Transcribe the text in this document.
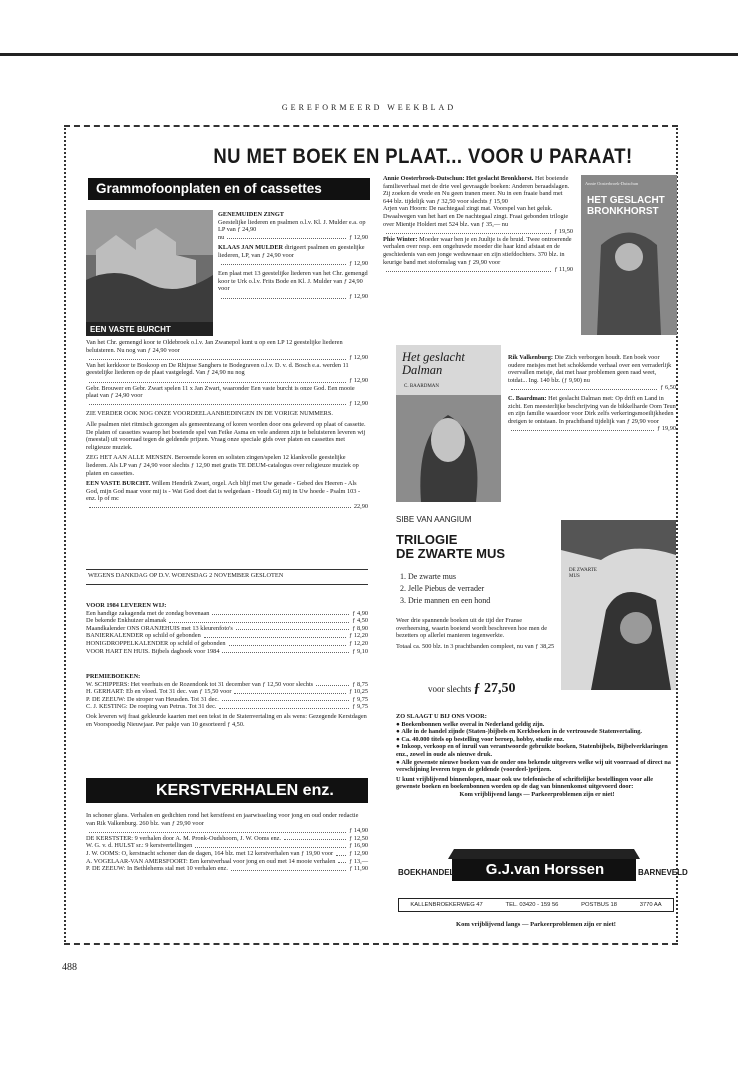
GEREFORMEERD WEEKBLAD
NU MET BOEK EN PLAAT... VOOR U PARAAT!
Grammofoonplaten en of cassettes
EEN VASTE BURCHT

GENEMUIDEN ZINGT
Geestelijke liederen en psalmen o.l.v. Kl. J. Mulder e.a. op LP van ƒ 24,90
nu	ƒ 12,90

KLAAS JAN MULDER dirigeert psalmen en geestelijke liederen, LP, van ƒ 24,90 voor
ƒ 12,90

Een plaat met 13 geestelijke liederen van het Chr. gemengd koor te Urk o.l.v. Frits Bode en Kl. J. Mulder van ƒ 24,90 voor
ƒ 12,90

Van het Chr. gemengd koor te Oldebroek o.l.v. Jan Zwanepol kunt u op een LP 12 geestelijke liederen beluisteren. Nu nog van ƒ 24,90 voor
ƒ 12,90
Van het kerkkoor te Boskoop en De Rhijnse Sanghers te Bodegraven o.l.v. D. v. d. Bosch e.a. werden 11 geestelijke liederen op de plaat vastgelegd. Van ƒ 24,90 nu nog
ƒ 12,90
Gebr. Brouwer en Gebr. Zwart spelen 11 x Jan Zwart, waaronder Een vaste burcht is onze God. Een mooie plaat van ƒ 24,90 voor
ƒ 12,90

ZIE VERDER OOK NOG ONZE VOORDEELAANBIEDINGEN IN DE VORIGE NUMMERS.

Alle psalmen niet ritmisch gezongen als gemeentezang of koren worden door ons geleverd op plaat of cassette. De platen of cassettes waarop het boeiende spel van Feike Asma en vele anderen zijn te beluisteren leveren wij (meestal) uit voorraad tegen de geldende prijzen. Vraag onze speciale gids over platen en cassettes met religieuze muziek.

ZEG HET AAN ALLE MENSEN. Beroemde koren en solisten zingen/spelen 12 klankvolle geestelijke liederen. Als LP van ƒ 24,90 voor slechts ƒ 12,90 met gratis TE DEUM-catalogus over religieuze muziek op platen en cassettes.

EEN VASTE BURCHT. Willem Hendrik Zwart, orgel. Ach blijf met Uw genade - Gebed des Heeren - Als God, mijn God maar voor mij is - Wat God doet dat is welgedaan - Houdt Gij mij in Uw hoede - Psalm 103 - enz. lp of mc
22,90

WEGENS DANKDAG OP D.V. WOENSDAG 2 NOVEMBER GESLOTEN

VOOR 1984 LEVEREN WIJ:

Een handige zakagenda met de zondag bovenaan	ƒ 4,90
De bekende Enkhuizer almanak	ƒ 4,50
Maandkalender ONS ORANJEHUIS met 13 kleurenfoto's	ƒ 8,90
BANIERKALENDER op schild of gebonden	ƒ 12,20
HONIGDROPPELKALENDER op schild of gebonden	ƒ 12,20
VOOR HART EN HUIS. Bijbels dagboek voor 1984	ƒ 9,10

PREMIEBOEKEN:

W. SCHIPPERS: Het veerhuis en de Rozendonk tot 31 december van ƒ 12,50 voor slechts	ƒ 8,75
H. GERHART: Eb en vloed. Tot 31 dec. van ƒ 15,50 voor	ƒ 10,25
P. DE ZEEUW: De stroper van Heusden. Tot 31 dec.	ƒ 9,75
C. J. KESTING: De roeping van Petrus. Tot 31 dec.	ƒ 9,75

Ook leveren wij fraai gekleurde kaarten met een tekst in de Statenvertaling en als wens: Gezegende Kerstdagen en Voorspoedig Nieuwjaar. Per pakje van 10 gesorteerd ƒ 4,50.

KERSTVERHALEN enz.

In schoner glans. Verhalen en gedichten rond het kerstfeest en jaarwisseling voor jong en oud onder redactie van Rik Valkenburg. 260 blz. van ƒ 29,90 voor

ƒ 14,90
DE KERSTSTER: 9 verhalen door A. M. Pronk-Oudshoorn, J. W. Ooms enz.	ƒ 12,50
W. G. v. d. HULST sr.: 9 kerstvertellingen	ƒ 16,90
J. W. OOMS: O, kerstnacht schoner dan de dagen, 164 blz. met 12 kerstverhalen van ƒ 19,90 voor	ƒ 12,90
A. VOGELAAR-VAN AMERSFOORT: Een kerstverhaal voor jong en oud met 14 mooie verhalen ƒ 13,—
P. DE ZEEUW: In Bethlehems stal met 10 verhalen enz.	ƒ 11,90

Annie Oosterbroek-Dutschun: Het geslacht Bronkhorst. Het boeiende familieverhaal met de drie veel gevraagde boeken: Anderen beraadslagen. Zij zoeken de vrede en Nu geen tranen meer. Nu in een fraaie band met 644 blz. tijdelijk van ƒ 32,50 voor slechts ƒ 15,90

Arjen van Hoorn: De nachtegaal zingt mat. Voorspel van het geluk. Dwaalwegen van het hart en De nachtegaal zingt. Fraai gebonden trilogie over Mientje Holdert met 524 blz. van ƒ 35,— nu

ƒ 19,50

Phie Winter: Moeder waar ben je en Juultje is de bruid. Twee ontroerende verhalen over resp. een ongehuwde moeder die haar kind afstaat en de geschiedenis van een jonge weduwnaar en zijn stiefdochters. 370 blz. in keurige band met stofomslag van ƒ 29,90 voor

ƒ 11,90
Annie Oosterbroek-Dutschun
HET GESLACHT BRONKHORST
Het geslacht Dalman
C. BAARDMAN

Rik Valkenburg: Die Zich verborgen houdt. Een boek voor oudere meisjes met het schokkende verhaal over een verraderlijk overvallen meisje, dat met haar problemen geen raad weet, totdat... Ing. 140 blz. (ƒ 9,90) nu
ƒ 6,50

C. Baardman: Het geslacht Dalman met: Op drift en Land in zicht. Een meesterlijke beschrijving van de bikkelharde Oom Teun en zijn familie waardoor voor Dirk zelfs verkeringsmoeilijkheden dreigen te ontstaan. In prachtband tijdelijk van ƒ 29,90 voor
ƒ 19,90

SIBE VAN AANGIUM
TRILOGIE
DE ZWARTE MUS
1. De zwarte mus
2. Jelle Piebus de verrader
3. Drie mannen en een hond

Weer drie spannende boeken uit de tijd der Franse overheersing, waarin boeiend wordt beschreven hoe men de bezetters op allerlei manieren tegenwerkte.

Totaal ca. 500 blz. in 3 prachtbanden compleet, nu van ƒ 38,25

voor slechts ƒ 27,50
DE ZWARTE MUS

ZO SLAAGT U BIJ ONS VOOR:

● Boekenbonnen welke overal in Nederland geldig zijn.
● Alle in de handel zijnde (Staten-)bijbels en Kerkboeken in de vertrouwde Statenvertaling.
● Ca. 40.000 titels op bestelling voor beroep, hobby, studie enz.
● Inkoop, verkoop en of inruil van verantwoorde gebruikte boeken, Statenbijbels, Bijbelverklaringen enz., zowel in oude als nieuwe druk.
● Alle gewenste nieuwe boeken van de onder ons bekende uitgevers welke wij uit voorraad of direct na verschijning leveren tegen de geldende (voordeel-)prijzen.

U kunt vrijblijvend binnenlopen, maar ook uw telefonische of schriftelijke bestellingen voor alle gewenste boeken en boekenbonnen worden op de dag van binnenkomst uitgevoerd door:

Kom vrijblijvend langs — Parkeerproblemen zijn er niet!

BOEKHANDEL	G.J.van Horssen	BARNEVELD
KALLENBROEKERWEG 47	TEL. 03420 - 159 56	POSTBUS 18	3770 AA
Kom vrijblijvend langs — Parkeerproblemen zijn er niet!
488
